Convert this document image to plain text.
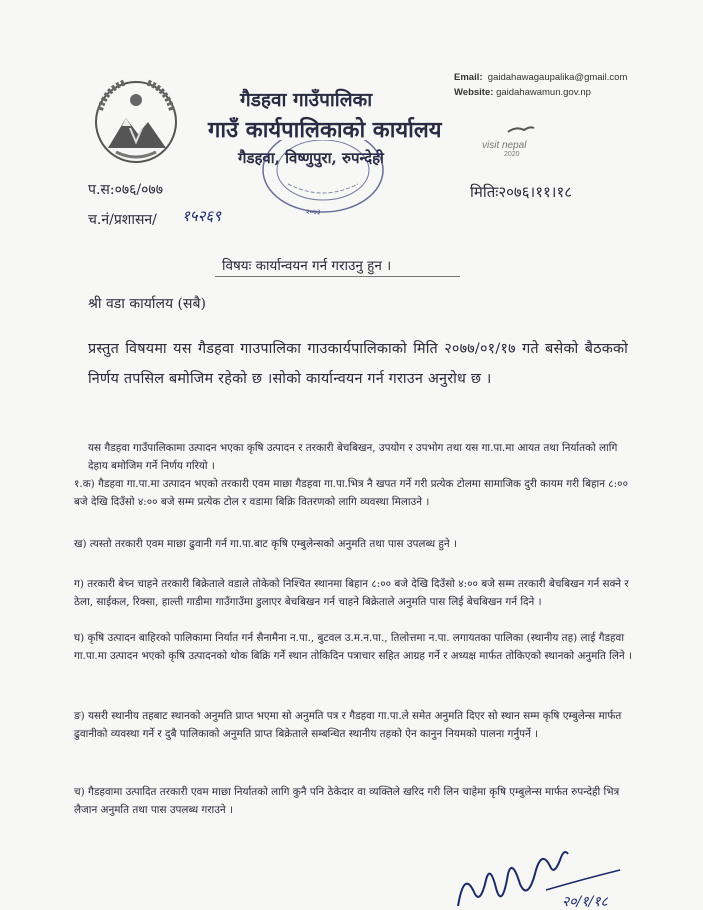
गैडहवा गाउँपालिका
गाउँ कार्यपालिकाको कार्यालय
गैडहवा, विष्णुपुरा, रुपन्देही
Email: gaidahawagaupalika@gmail.com
Website: gaidahawamun.gov.np
visit nepal
2020
२०७३
प.स:०७६/०७७
च.नं/प्रशासन/ १५२६९
मितिः२०७६।११।१८
विषयः कार्यान्वयन गर्न गराउनु हुन ।
श्री वडा कार्यालय (सबै)
प्रस्तुत विषयमा यस गैडहवा गाउपालिका गाउकार्यपालिकाको मिति २०७७/०१/१७ गते बसेको बैठकको निर्णय तपसिल बमोजिम रहेको छ ।सोको कार्यान्वयन गर्न गराउन अनुरोध छ ।
यस गैडहवा गाउँपालिकामा उत्पादन भएका कृषि उत्पादन र तरकारी बेचबिखन, उपयोग र उपभोग तथा यस गा.पा.मा आयत तथा निर्यातको लागि देहाय बमोजिम गर्ने निर्णय गरियो ।
१.क) गैडहवा गा.पा.मा उत्पादन भएको तरकारी एवम माछा गैडहवा गा.पा.भित्र नै खपत गर्ने गरी प्रत्येक टोलमा सामाजिक दुरी कायम गरी बिहान ८:०० बजे देखि दिउँसो ४:०० बजे सम्म प्रत्येक टोल र वडामा बिक्रि वितरणको लागि व्यवस्था मिलाउने ।
ख) त्यस्तो तरकारी एवम माछा ढुवानी गर्न गा.पा.बाट कृषि एम्बुलेन्सको अनुमति तथा पास उपलब्ध हुने ।
ग) तरकारी बेच्न चाहने तरकारी बिक्रेताले वडाले तोकेको निश्चित स्थानमा बिहान ८:०० बजे देखि दिउँसो ४:०० बजे सम्म तरकारी बेचबिखन गर्न सक्ने र ठेला, साईकल, रिक्सा, हाल्ती गाडीमा गाउँगाउँमा डुलाएर बेचबिखन गर्न चाहने बिक्रेताले अनुमति पास लिई बेचबिखन गर्न दिने ।
घ) कृषि उत्पादन बाहिरको पालिकामा निर्यात गर्न सैनामैना न.पा., बुटवल उ.म.न.पा., तिलोत्तमा न.पा. लगायतका पालिका (स्थानीय तह) लाई गैडहवा गा.पा.मा उत्पादन भएको कृषि उत्पादनको थोक बिक्रि गर्ने स्थान तोकिदिन पत्राचार सहित आग्रह गर्ने र अध्यक्ष मार्फत तोकिएको स्थानको अनुमति लिने ।
ङ) यसरी स्थानीय तहबाट स्थानको अनुमति प्राप्त भएमा सो अनुमति पत्र र गैडहवा गा.पा.ले समेत अनुमति दिएर सो स्थान सम्म कृषि एम्बुलेन्स मार्फत ढुवानीको व्यवस्था गर्ने र दुबै पालिकाको अनुमति प्राप्त बिक्रेताले सम्बन्धित स्थानीय तहको ऐन कानुन नियमको पालना गर्नुपर्ने ।
च) गैडहवामा उत्पादित तरकारी एवम माछा निर्यातको लागि कुनै पनि ठेकेदार वा व्यक्तिले खरिद गरी लिन चाहेमा कृषि एम्बुलेन्स मार्फत रुपन्देही भित्र लैजान अनुमति तथा पास उपलब्ध गराउने ।
२०/१/१८
